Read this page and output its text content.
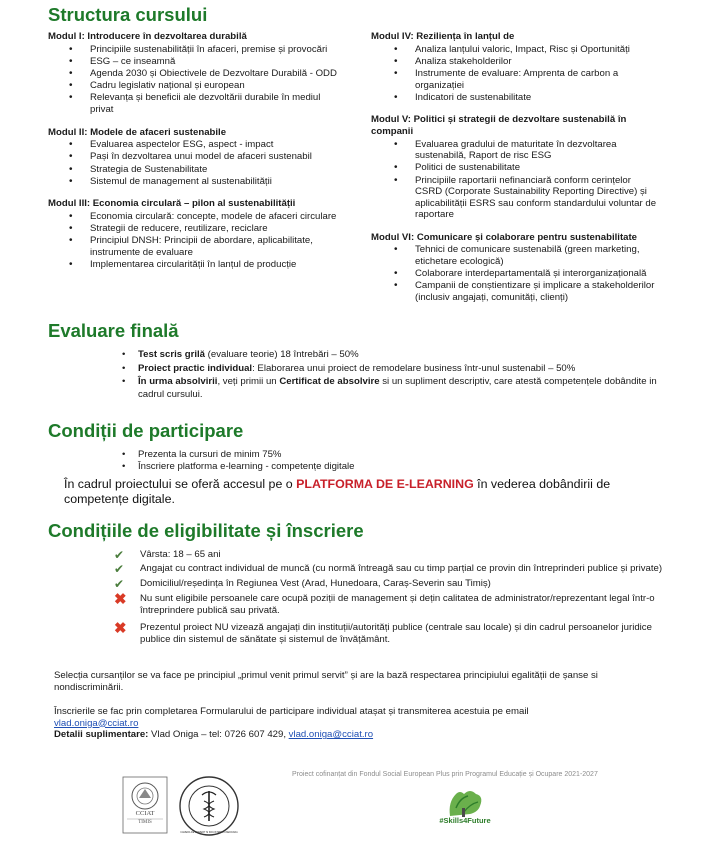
Structura cursului
Evaluare finală
Condiții de participare
Condițiile de eligibilitate și înscriere
Modul I: Introducere în dezvoltarea durabilă
• Principiile sustenabilității în afaceri, premise și provocări
• ESG – ce inseamnă
• Agenda 2030 și Obiectivele de Dezvoltare Durabilă - ODD
• Cadru legislativ național și european
• Relevanța și beneficii ale dezvoltării durabile în mediul privat
Modul II: Modele de afaceri sustenabile
• Evaluarea aspectelor ESG, aspect - impact
• Pași în dezvoltarea unui model de afaceri sustenabil
• Strategia de Sustenabilitate
• Sistemul de management al sustenabilității
Modul III: Economia circulară – pilon al sustenabilității
• Economia circulară: concepte, modele de afaceri circulare
• Strategii de reducere, reutilizare, reciclare
• Principiul DNSH: Principii de abordare, aplicabilitate, instrumente de evaluare
• Implementarea circularității în lanțul de producție
Modul IV: Reziliența în lanțul de
• Analiza lanțului valoric, Impact, Risc și Oportunități
• Analiza stakeholderilor
• Instrumente de evaluare: Amprenta de carbon a organizației
• Indicatori de sustenabilitate
Modul V: Politici și strategii de dezvoltare sustenabilă în companii
• Evaluarea gradului de maturitate în dezvoltarea sustenabilă, Raport de risc ESG
• Politici de sustenabilitate
• Principiile raportarii nefinanciară conform cerințelor CSRD (Corporate Sustainability Reporting Directive) și aplicabilității ESRS sau conform standardului voluntar de raportare
Modul VI: Comunicare și colaborare pentru sustenabilitate
• Tehnici de comunicare sustenabilă (green marketing, etichetare ecologică)
• Colaborare interdepartamentală și interorganizațională
• Campanii de conștientizare și implicare a stakeholderilor (inclusiv angajați, comunități, clienți)
• Test scris grilă (evaluare teorie) 18 întrebări – 50%
• Proiect practic individual: Elaborarea unui proiect de remodelare business într-unul sustenabil – 50%
• În urma absolvirii, veți primii un Certificat de absolvire si un supliment descriptiv, care atestă competențele dobândite in cadrul cursului.
• Prezenta la cursuri de minim 75%
• Înscriere platforma e-learning - competențe digitale
În cadrul proiectului se oferă accesul pe o PLATFORMA DE E-LEARNING în vederea dobândirii de competențe digitale.
✔ Vârsta: 18 – 65 ani
✔ Angajat cu contract individual de muncă (cu normă întreagă sau cu timp parțial ce provin din întreprinderi publice și private)
✔ Domiciliul/reședința în Regiunea Vest (Arad, Hunedoara, Caraș-Severin sau Timiș)
✖ Nu sunt eligibile persoanele care ocupă poziții de management și dețin calitatea de administrator/reprezentant legal într-o întreprindere publică sau privată.
✖ Prezentul proiect NU vizează angajați din instituții/autorități publice (centrale sau locale) și din cadrul persoanelor juridice publice din sistemul de sănătate și sistemul de învățământ.
Selecția cursanților se va face pe principiul „primul venit primul servit” și are la bază respectarea principiului egalității de șanse si nondiscriminării.
Înscrierile se fac prin completarea Formularului de participare individual atașat și transmiterea acestuia pe email
vlad.oniga@cciat.ro
Detalii suplimentare: Vlad Oniga – tel: 0726 607 429, vlad.oniga@cciat.ro
Proiect cofinanțat din Fondul Social European Plus prin Programul Educație și Ocupare 2021-2027
CCIAT
TIMIS
CAMERA DE COMERT SI INDUSTRIE HUNEDOARA
#Skills4Future
